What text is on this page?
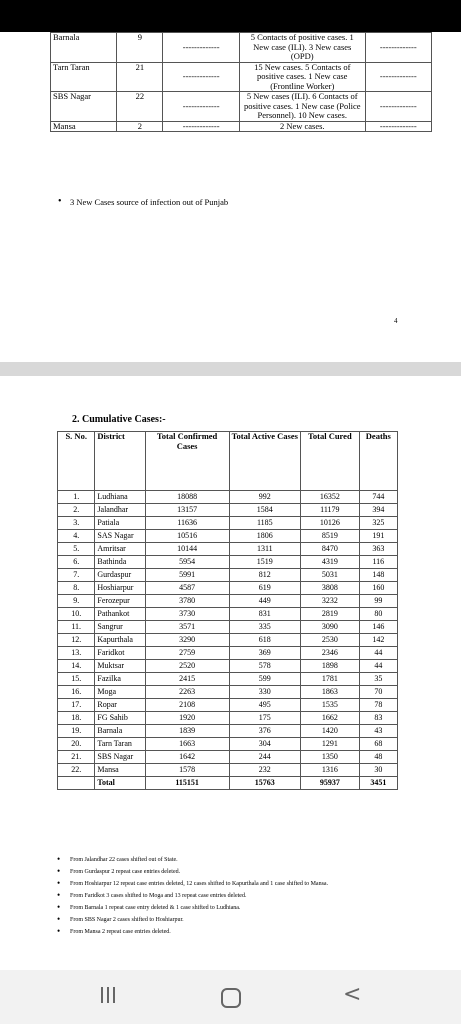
Barnala	9	-------------	5 Contacts of positive cases. 1 New case (ILI). 3 New cases (OPD)	-------------
Tarn Taran	21	-------------	15 New cases. 5 Contacts of positive cases. 1 New case (Frontline Worker)	-------------
SBS Nagar	22	-------------	5 New cases (ILI). 6 Contacts of positive cases. 1 New case (Police Personnel). 10 New cases.	-------------
Mansa	2	-------------	2 New cases.	-------------
• 3 New Cases source of infection out of Punjab
4
2. Cumulative Cases:-
S. No.	District	Total Confirmed Cases	Total Active Cases	Total Cured	Deaths
1.	Ludhiana	18088	992	16352	744
2.	Jalandhar	13157	1584	11179	394
3.	Patiala	11636	1185	10126	325
4.	SAS Nagar	10516	1806	8519	191
5.	Amritsar	10144	1311	8470	363
6.	Bathinda	5954	1519	4319	116
7.	Gurdaspur	5991	812	5031	148
8.	Hoshiarpur	4587	619	3808	160
9.	Ferozepur	3780	449	3232	99
10.	Pathankot	3730	831	2819	80
11.	Sangrur	3571	335	3090	146
12.	Kapurthala	3290	618	2530	142
13.	Faridkot	2759	369	2346	44
14.	Muktsar	2520	578	1898	44
15.	Fazilka	2415	599	1781	35
16.	Moga	2263	330	1863	70
17.	Ropar	2108	495	1535	78
18.	FG Sahib	1920	175	1662	83
19.	Barnala	1839	376	1420	43
20.	Tarn Taran	1663	304	1291	68
21.	SBS Nagar	1642	244	1350	48
22.	Mansa	1578	232	1316	30
	Total	115151	15763	95937	3451
• From Jalandhar 22 cases shifted out of State.
• From Gurdaspur 2 repeat case entries deleted.
• From Hoshiarpur 12 repeat case entries deleted, 12 cases shifted to Kapurthala and 1 case shifted to Mansa.
• From Faridkot 3 cases shifted to Moga and 13 repeat case entries deleted.
• From Barnala 1 repeat case entry deleted & 1 case shifted to Ludhiana.
• From SBS Nagar 2 cases shifted to Hoshiarpur.
• From Mansa 2 repeat case entries deleted.
<
